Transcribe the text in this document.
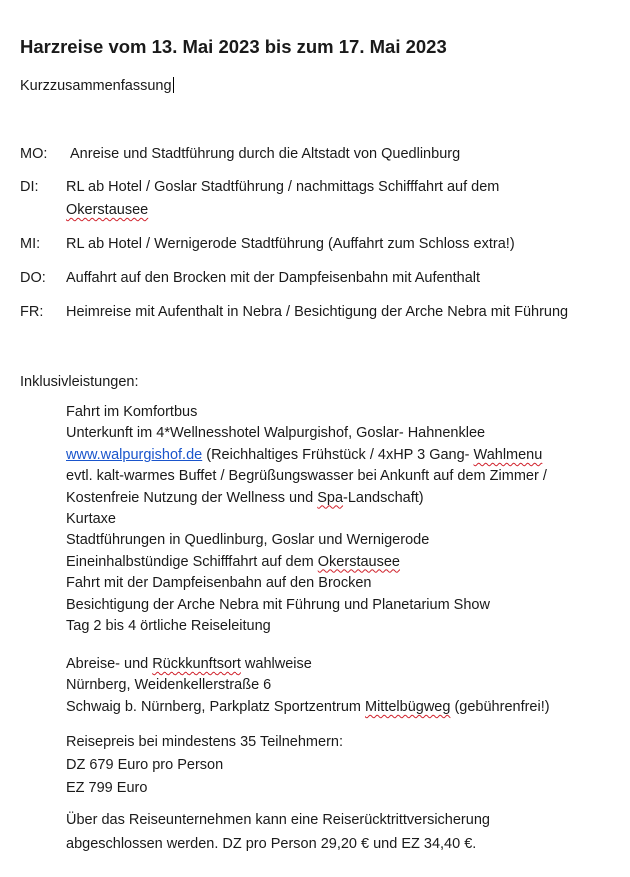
Harzreise vom 13. Mai 2023 bis zum 17. Mai 2023
Kurzzusammenfassung
MO: Anreise und Stadtführung durch die Altstadt von Quedlinburg
DI: RL ab Hotel / Goslar Stadtführung / nachmittags Schifffahrt auf dem
Okerstausee
MI: RL ab Hotel / Wernigerode Stadtführung (Auffahrt zum Schloss extra!)
DO: Auffahrt auf den Brocken mit der Dampfeisenbahn mit Aufenthalt
FR: Heimreise mit Aufenthalt in Nebra / Besichtigung der Arche Nebra mit Führung
Inklusivleistungen:
Fahrt im Komfortbus
Unterkunft im 4*Wellnesshotel Walpurgishof, Goslar- Hahnenklee
www.walpurgishof.de (Reichhaltiges Frühstück / 4xHP 3 Gang- Wahlmenu
evtl. kalt-warmes Buffet / Begrüßungswasser bei Ankunft auf dem Zimmer /
Kostenfreie Nutzung der Wellness und Spa-Landschaft)
Kurtaxe
Stadtführungen in Quedlinburg, Goslar und Wernigerode
Eineinhalbstündige Schifffahrt auf dem Okerstausee
Fahrt mit der Dampfeisenbahn auf den Brocken
Besichtigung der Arche Nebra mit Führung und Planetarium Show
Tag 2 bis 4 örtliche Reiseleitung
Abreise- und Rückkunftsort wahlweise
Nürnberg, Weidenkellerstraße 6
Schwaig b. Nürnberg, Parkplatz Sportzentrum Mittelbügweg (gebührenfrei!)
Reisepreis bei mindestens 35 Teilnehmern:
DZ 679 Euro pro Person
EZ 799 Euro
Über das Reiseunternehmen kann eine Reiserücktrittversicherung
abgeschlossen werden. DZ pro Person 29,20 € und EZ 34,40 €.
